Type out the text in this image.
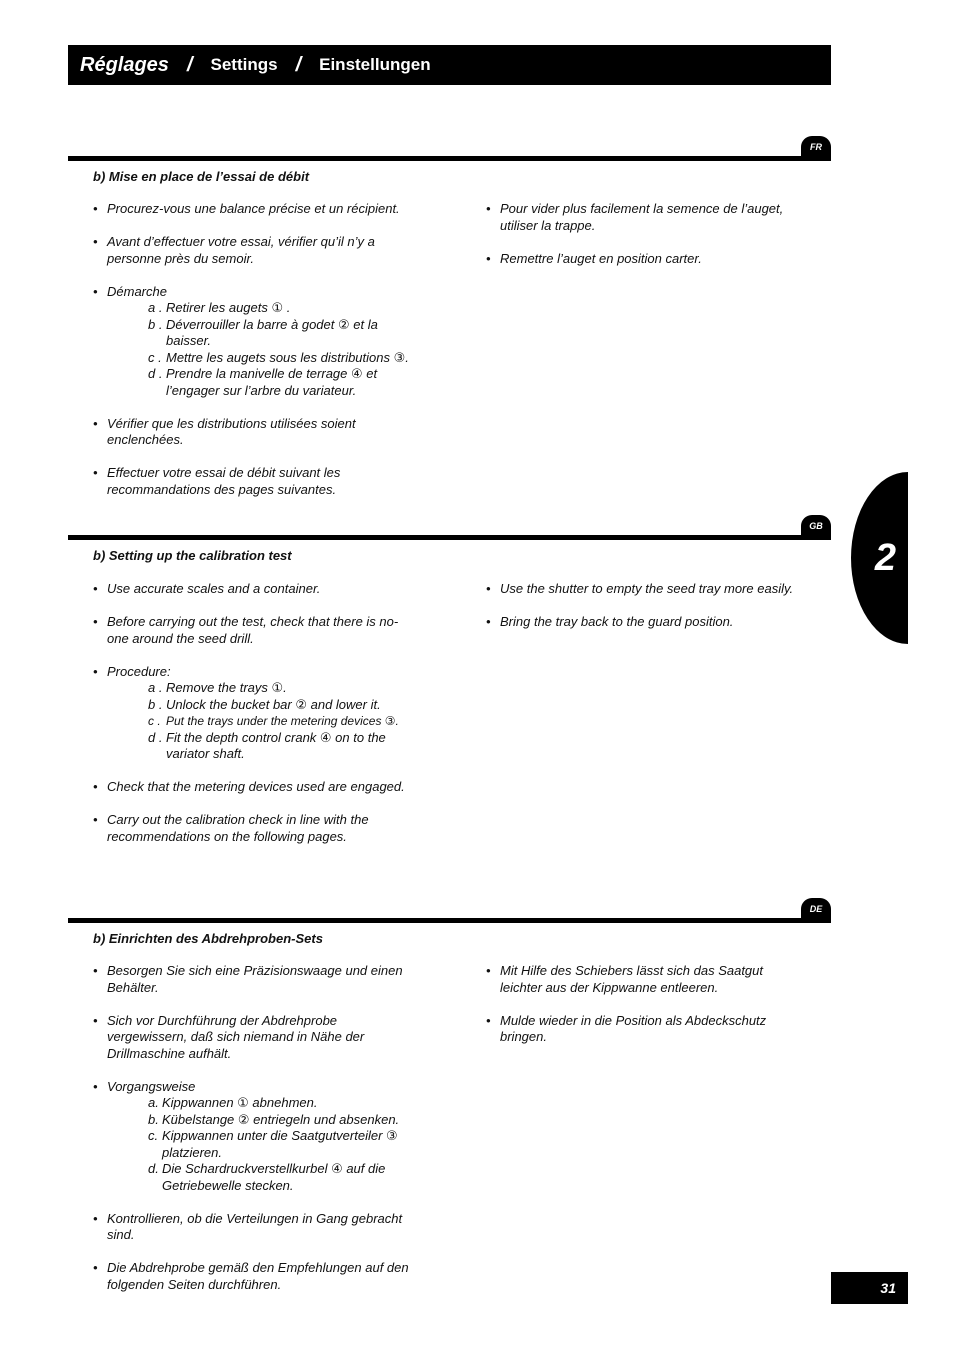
Réglages / Settings / Einstellungen
FR
b) Mise en place de l’essai de débit
• Procurez-vous une balance précise et un récipient.
• Avant d’effectuer votre essai, vérifier qu’il n’y a personne près du semoir.
• Démarche
a . Retirer les augets ① .
b . Déverrouiller la barre à godet ② et la baisser.
c . Mettre les augets sous les distributions ③.
d . Prendre la manivelle de terrage ④ et l’engager sur l’arbre du variateur.
• Vérifier que les distributions utilisées soient enclenchées.
• Effectuer votre essai de débit suivant les recommandations des pages suivantes.
• Pour vider plus facilement la semence de l’auget, utiliser la trappe.
• Remettre l’auget en position carter.
GB
b) Setting up the calibration test
• Use accurate scales and a container.
• Before carrying out the test, check that there is no-one around the seed drill.
• Procedure:
a . Remove the trays ①.
b . Unlock the bucket bar ② and lower it.
c . Put the trays under the metering devices ③.
d . Fit the depth control crank ④ on to the variator shaft.
• Check that the metering devices used are engaged.
• Carry out the calibration check in line with the recommendations on the following pages.
• Use the shutter to empty the seed tray more easily.
• Bring the tray back to the guard position.
DE
b) Einrichten des Abdrehproben-Sets
• Besorgen Sie sich eine Präzisionswaage und einen Behälter.
• Sich vor Durchführung der Abdrehprobe vergewissern, daß sich niemand in Nähe der Drillmaschine aufhält.
• Vorgangsweise
a. Kippwannen ① abnehmen.
b. Kübelstange ② entriegeln und absenken.
c. Kippwannen unter die Saatgutverteiler ③ platzieren.
d. Die Schardruckverstellkurbel ④ auf die Getriebewelle stecken.
• Kontrollieren, ob die Verteilungen in Gang gebracht sind.
• Die Abdrehprobe gemäß den Empfehlungen auf den folgenden Seiten durchführen.
• Mit Hilfe des Schiebers lässt sich das Saatgut leichter aus der Kippwanne entleeren.
• Mulde wieder in die Position als Abdeckschutz bringen.
2
31
